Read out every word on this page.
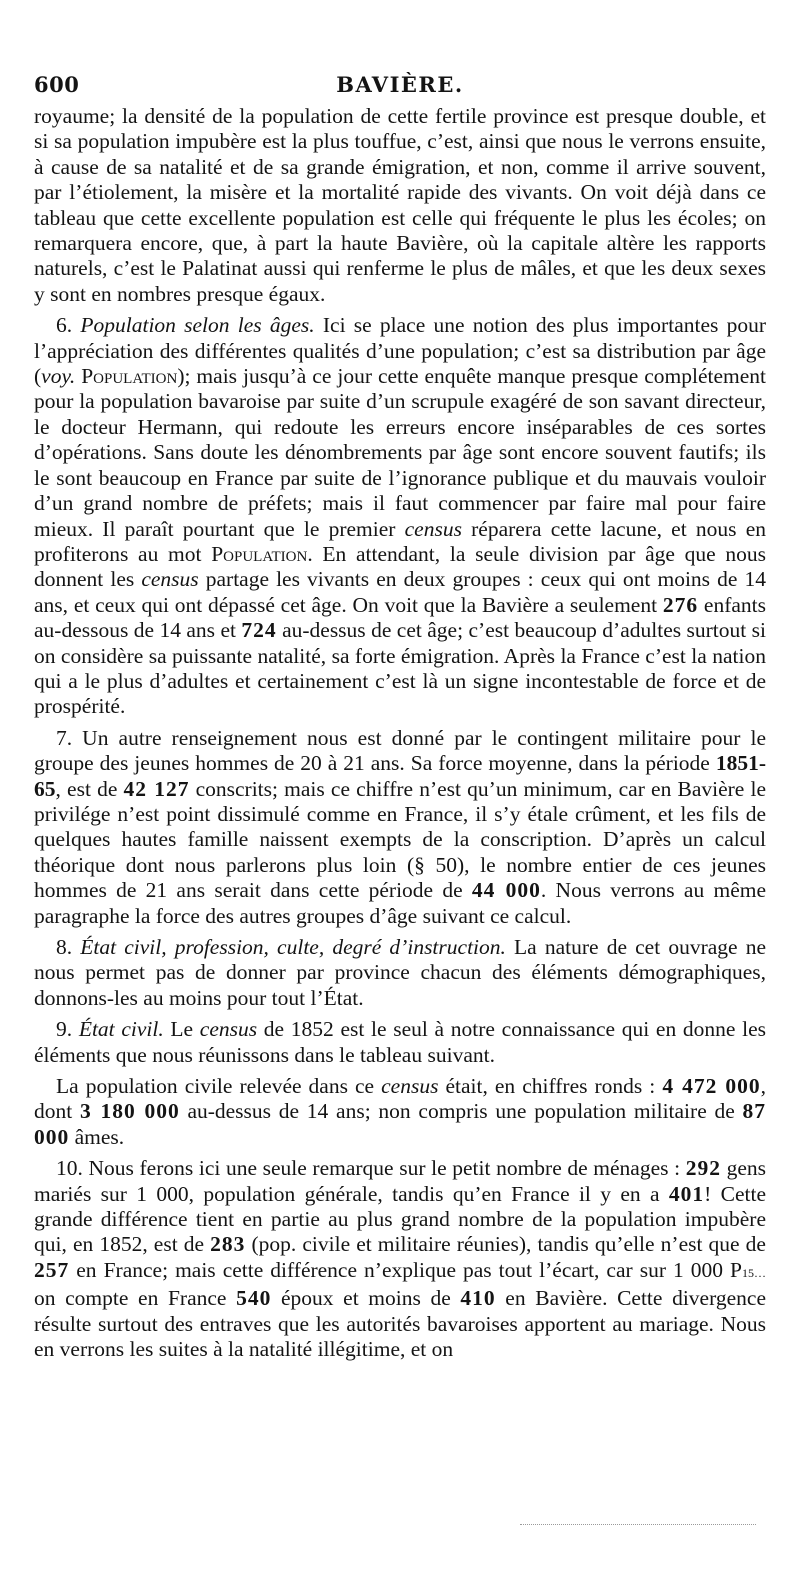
600	BAVIÈRE.

royaume; la densité de la population de cette fertile province est presque double, et si sa population impubère est la plus touffue, c’est, ainsi que nous le verrons ensuite, à cause de sa natalité et de sa grande émigration, et non, comme il arrive souvent, par l’étiolement, la misère et la mortalité rapide des vivants. On voit déjà dans ce tableau que cette excellente population est celle qui fréquente le plus les écoles; on remarquera encore, que, à part la haute Bavière, où la capitale altère les rapports naturels, c’est le Palatinat aussi qui renferme le plus de mâles, et que les deux sexes y sont en nombres presque égaux.

6. Population selon les âges. Ici se place une notion des plus importantes pour l’appréciation des différentes qualités d’une population; c’est sa distribution par âge (voy. Population); mais jusqu’à ce jour cette enquête manque presque complétement pour la population bavaroise par suite d’un scrupule exagéré de son savant directeur, le docteur Hermann, qui redoute les erreurs encore inséparables de ces sortes d’opérations. Sans doute les dénombrements par âge sont encore souvent fautifs; ils le sont beaucoup en France par suite de l’ignorance publique et du mauvais vouloir d’un grand nombre de préfets; mais il faut commencer par faire mal pour faire mieux. Il paraît pourtant que le premier census réparera cette lacune, et nous en profiterons au mot Population. En attendant, la seule division par âge que nous donnent les census partage les vivants en deux groupes : ceux qui ont moins de 14 ans, et ceux qui ont dépassé cet âge. On voit que la Bavière a seulement 276 enfants au-dessous de 14 ans et 724 au-dessus de cet âge; c’est beaucoup d’adultes surtout si on considère sa puissante natalité, sa forte émigration. Après la France c’est la nation qui a le plus d’adultes et certainement c’est là un signe incontestable de force et de prospérité.

7. Un autre renseignement nous est donné par le contingent militaire pour le groupe des jeunes hommes de 20 à 21 ans. Sa force moyenne, dans la période 1851-65, est de 42 127 conscrits; mais ce chiffre n’est qu’un minimum, car en Bavière le privilége n’est point dissimulé comme en France, il s’y étale crûment, et les fils de quelques hautes famille naissent exempts de la conscription. D’après un calcul théorique dont nous parlerons plus loin (§ 50), le nombre entier de ces jeunes hommes de 21 ans serait dans cette période de 44 000. Nous verrons au même paragraphe la force des autres groupes d’âge suivant ce calcul.

8. État civil, profession, culte, degré d’instruction. La nature de cet ouvrage ne nous permet pas de donner par province chacun des éléments démographiques, donnons-les au moins pour tout l’État.

9. État civil. Le census de 1852 est le seul à notre connaissance qui en donne les éléments que nous réunissons dans le tableau suivant.

La population civile relevée dans ce census était, en chiffres ronds : 4 472 000, dont 3 180 000 au-dessus de 14 ans; non compris une population militaire de 87 000 âmes.

10. Nous ferons ici une seule remarque sur le petit nombre de ménages : 292 gens mariés sur 1 000, population générale, tandis qu’en France il y en a 401! Cette grande différence tient en partie au plus grand nombre de la population impubère qui, en 1852, est de 283 (pop. civile et militaire réunies), tandis qu’elle n’est que de 257 en France; mais cette différence n’explique pas tout l’écart, car sur 1 000 P15… on compte en France 540 époux et moins de 410 en Bavière. Cette divergence résulte surtout des entraves que les autorités bavaroises apportent au mariage. Nous en verrons les suites à la natalité illégitime, et on
